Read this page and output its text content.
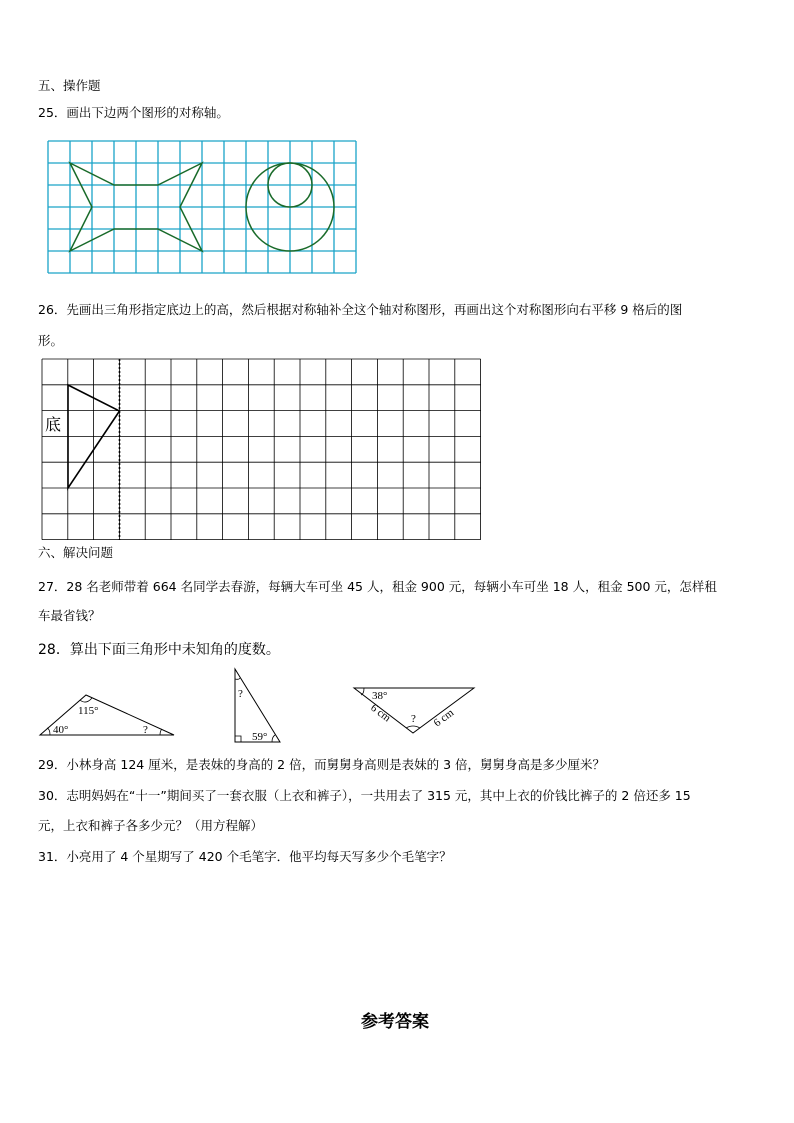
五、操作题
25．画出下边两个图形的对称轴。
26．先画出三角形指定底边上的高，然后根据对称轴补全这个轴对称图形，再画出这个对称图形向右平移 9 格后的图
形。
底
六、解决问题
27．28 名老师带着 664 名同学去春游，每辆大车可坐 45 人，租金 900 元，每辆小车可坐 18 人，租金 500 元，怎样租
车最省钱？
28．算出下面三角形中未知角的度数。
115°
40°	?
?
59°
38°
?
6 cm	6 cm
29．小林身高 124 厘米，是表妹的身高的 2 倍，而舅舅身高则是表妹的 3 倍，舅舅身高是多少厘米？
30．志明妈妈在“十一”期间买了一套衣服（上衣和裤子），一共用去了 315 元，其中上衣的价钱比裤子的 2 倍还多 15
元，上衣和裤子各多少元？（用方程解）
31．小亮用了 4 个星期写了 420 个毛笔字．他平均每天写多少个毛笔字？
参考答案
